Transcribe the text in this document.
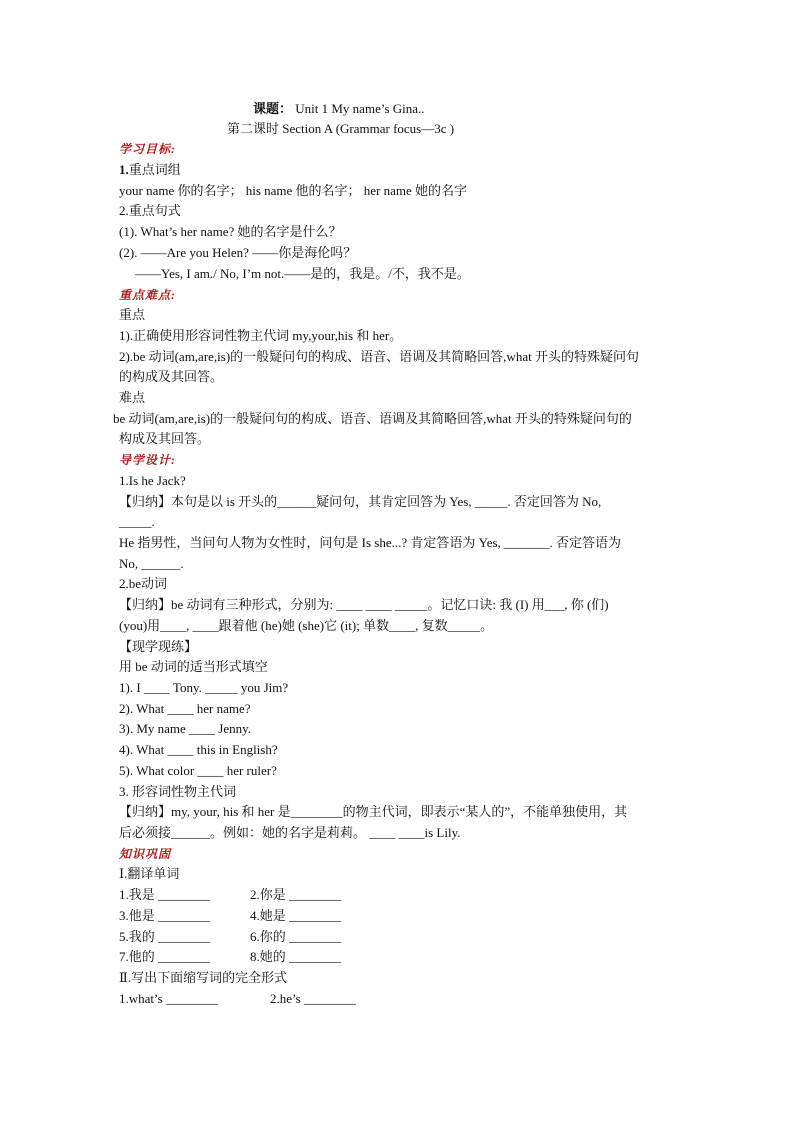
课题： Unit 1 My name’s Gina..
第二课时 Section A (Grammar focus—3c )
学习目标:
1.重点词组
your name 你的名字； his name 他的名字； her name 她的名字
2.重点句式
(1). What’s her name? 她的名字是什么？
(2). ——Are you Helen? ——你是海伦吗？
——Yes, I am./ No, I’m not.——是的，我是。/不，我不是。
重点难点:
重点
1).正确使用形容词性物主代词 my,your,his 和 her。
2).be 动词(am,are,is)的一般疑问句的构成、语音、语调及其简略回答,what 开头的特殊疑问句
的构成及其回答。
难点
be 动词(am,are,is)的一般疑问句的构成、语音、语调及其简略回答,what 开头的特殊疑问句的
构成及其回答。
导学设计:
1.Is he Jack?
【归纳】本句是以 is 开头的______疑问句，其肯定回答为 Yes, _____. 否定回答为 No,
_____.
He 指男性，当问句人物为女性时，问句是 Is she...? 肯定答语为 Yes, _______. 否定答语为
No, ______.
2.be动词
【归纳】be 动词有三种形式，分别为: ____ ____ _____。记忆口诀: 我 (I) 用___, 你 (们)
(you)用____, ____跟着他 (he)她 (she)它 (it); 单数____, 复数_____。
【现学现练】
用 be 动词的适当形式填空
1). I ____ Tony. _____ you Jim?
2). What ____ her name?
3). My name ____ Jenny.
4). What ____ this in English?
5). What color ____ her ruler?
3. 形容词性物主代词
【归纳】my, your, his 和 her 是________的物主代词，即表示“某人的”，不能单独使用，其
后必须接______。例如：她的名字是莉莉。 ____ ____is Lily.
知识巩固
Ⅰ.翻译单词
1.我是 ________	2.你是 ________
3.他是 ________	4.她是 ________
5.我的 ________	6.你的 ________
7.他的 ________	8.她的 ________
Ⅱ.写出下面缩写词的完全形式
1.what’s ________	2.he’s ________
